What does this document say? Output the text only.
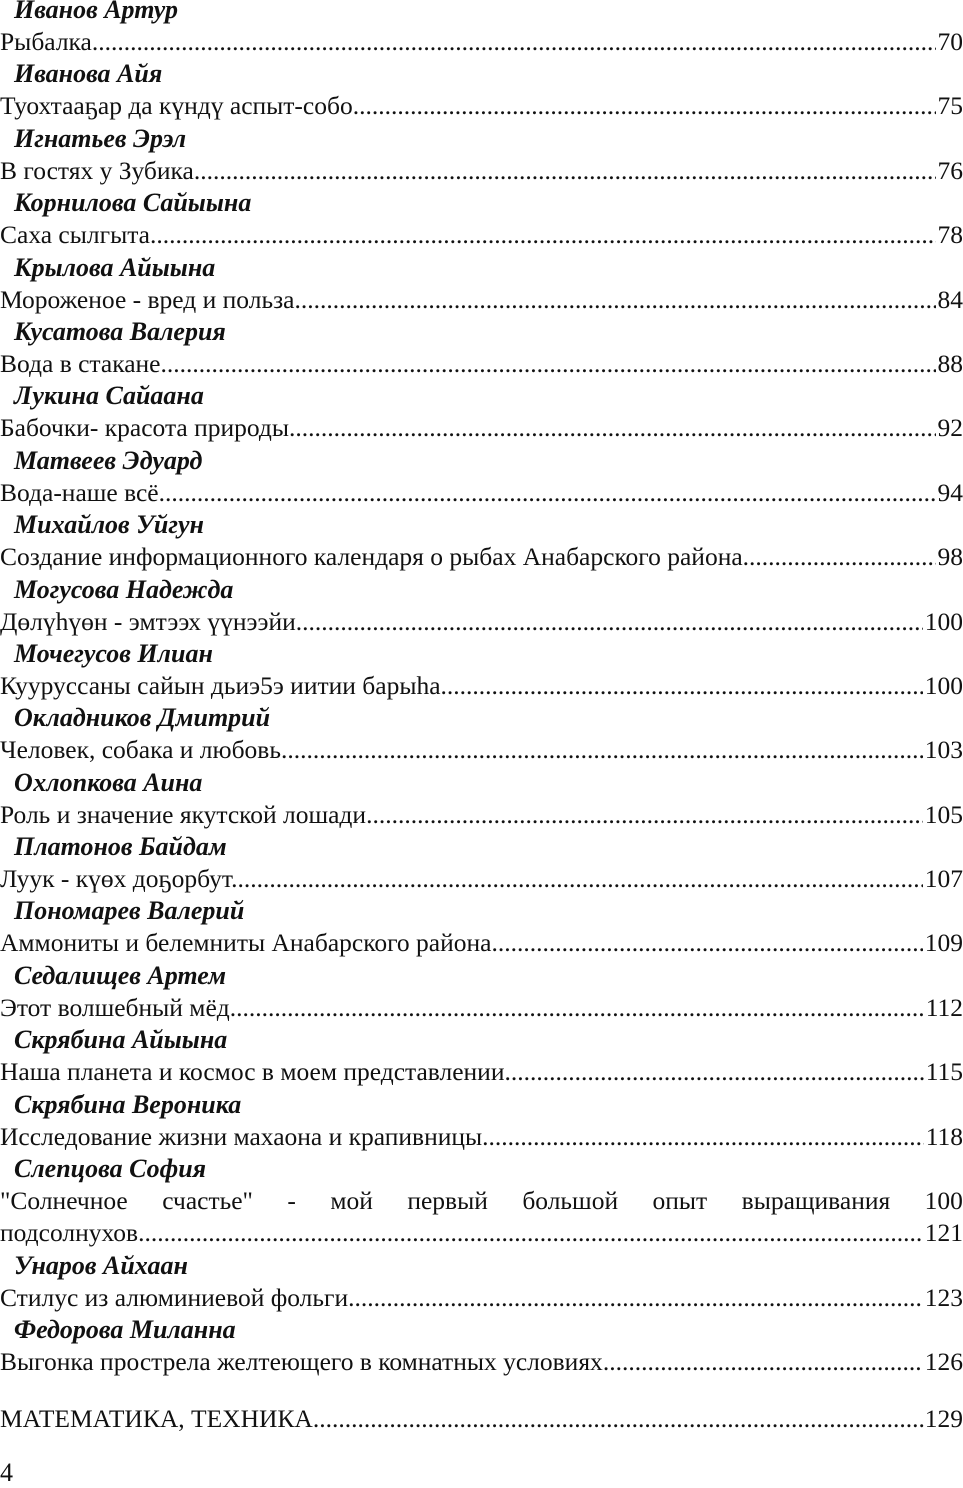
Иванов Артур
Рыбалка .....	70
Иванова Айя
Туохтааҕар да күндү аспыт-собо .....	75
Игнатьев Эрэл
В гостях у Зубика .....	76
Корнилова Сайыына
Саха сылгыта .....	78
Крылова Айыына
Мороженое - вред и польза .....	84
Кусатова Валерия
Вода в стакане .....	88
Лукина Сайаана
Бабочки- красота природы .....	92
Матвеев Эдуард
Вода-наше всё .....	94
Михайлов Уйгун
Создание информационного календаря о рыбах Анабарского района .....	98
Могусова Надежда
Дөлүһүөн - эмтээх үүнээйи .....	100
Мочегусов Илиан
Кууруссаны сайын дьиэ5э иитии барыһа .....	100
Окладников Дмитрий
Человек, собака и любовь .....	103
Охлопкова Аина
Роль и значение якутской лошади .....	105
Платонов Байдам
Луук - күөх доҕорбут. .....	107
Пономарев Валерий
Аммониты и белемниты Анабарского района .....	109
Седалищев Артем
Этот волшебный мёд .....	112
Скрябина Айыына
Наша планета и космос в моем представлении .....	115
Скрябина Вероника
Исследование жизни махаона и крапивницы .....	118
Слепцова София
"Солнечное счастье" - мой первый большой опыт выращивания 100
подсолнухов .....	121
Унаров Айхаан
Стилус из алюминиевой фольги .....	123
Федорова Миланна
Выгонка прострела желтеющего в комнатных условиях .....	126
МАТЕМАТИКА, ТЕХНИКА .....	129
4
